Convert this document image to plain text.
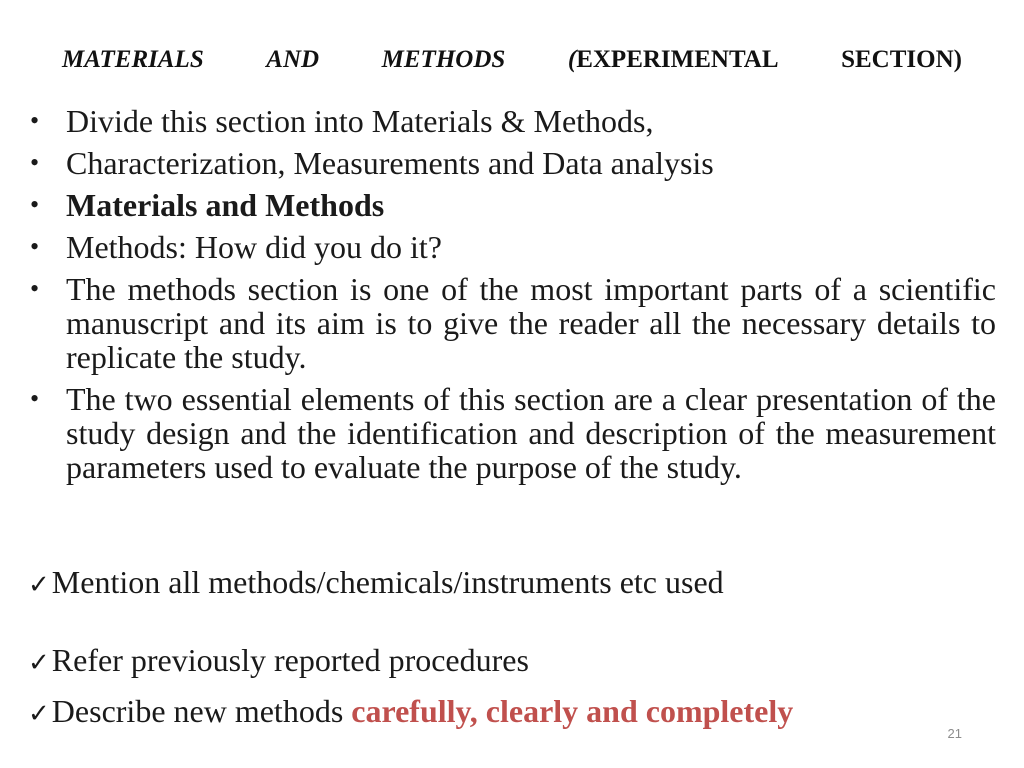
MATERIALS	AND	METHODS	(EXPERIMENTAL	SECTION)
• Divide this section into Materials & Methods,
• Characterization, Measurements and Data analysis
• Materials and Methods
• Methods: How did you do it?
• The methods section is one of the most important parts of a scientific manuscript and its aim is to give the reader all the necessary details to replicate the study.
• The two essential elements of this section are a clear presentation of the study design and the identification and description of the measurement parameters used to evaluate the purpose of the study.
✓Mention all methods/chemicals/instruments etc used
✓Refer previously reported procedures
✓Describe new methods carefully, clearly and completely
21
